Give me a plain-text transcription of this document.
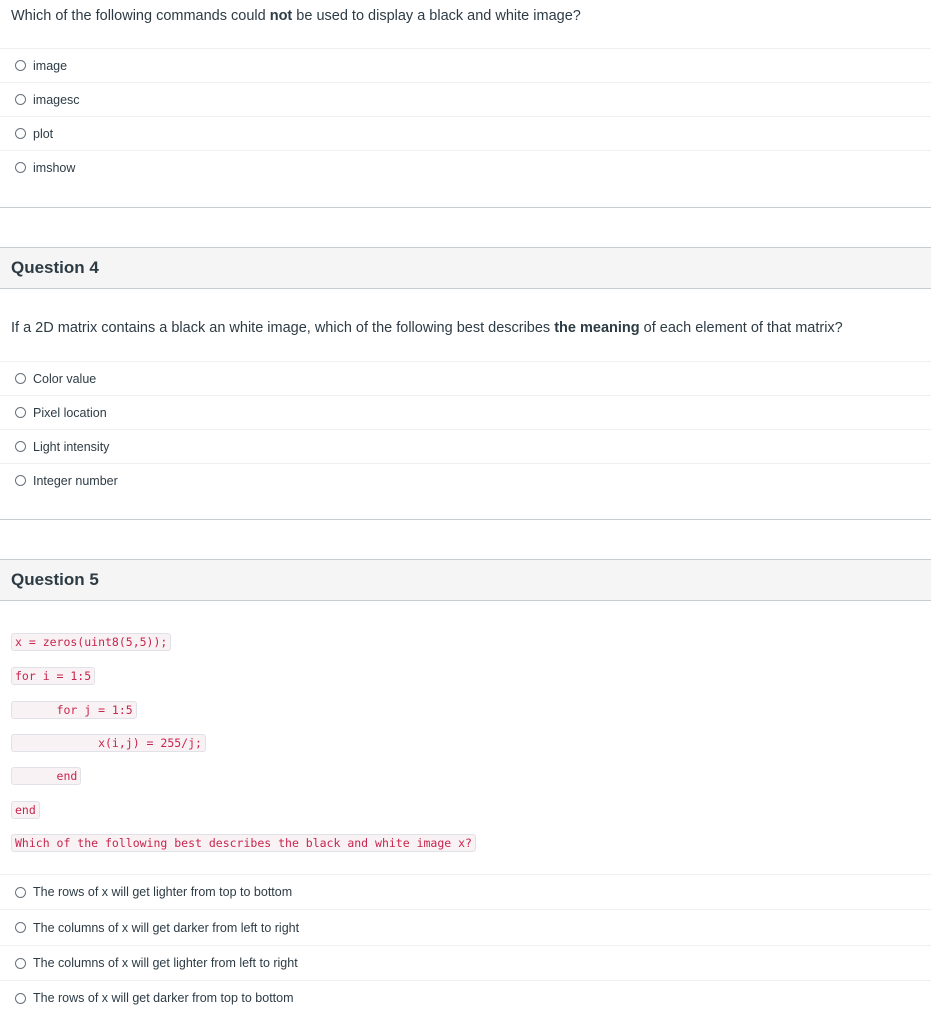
Which of the following commands could not be used to display a black and white image?
image
imagesc
plot
imshow
Question 4
If a 2D matrix contains a black an white image, which of the following best describes the meaning of each element of that matrix?
Color value
Pixel location
Light intensity
Integer number
Question 5
x = zeros(uint8(5,5));
for i = 1:5
for j = 1:5
x(i,j) = 255/j;
end
end
Which of the following best describes the black and white image x?
The rows of x will get lighter from top to bottom
The columns of x will get darker from left to right
The columns of x will get lighter from left to right
The rows of x will get darker from top to bottom
